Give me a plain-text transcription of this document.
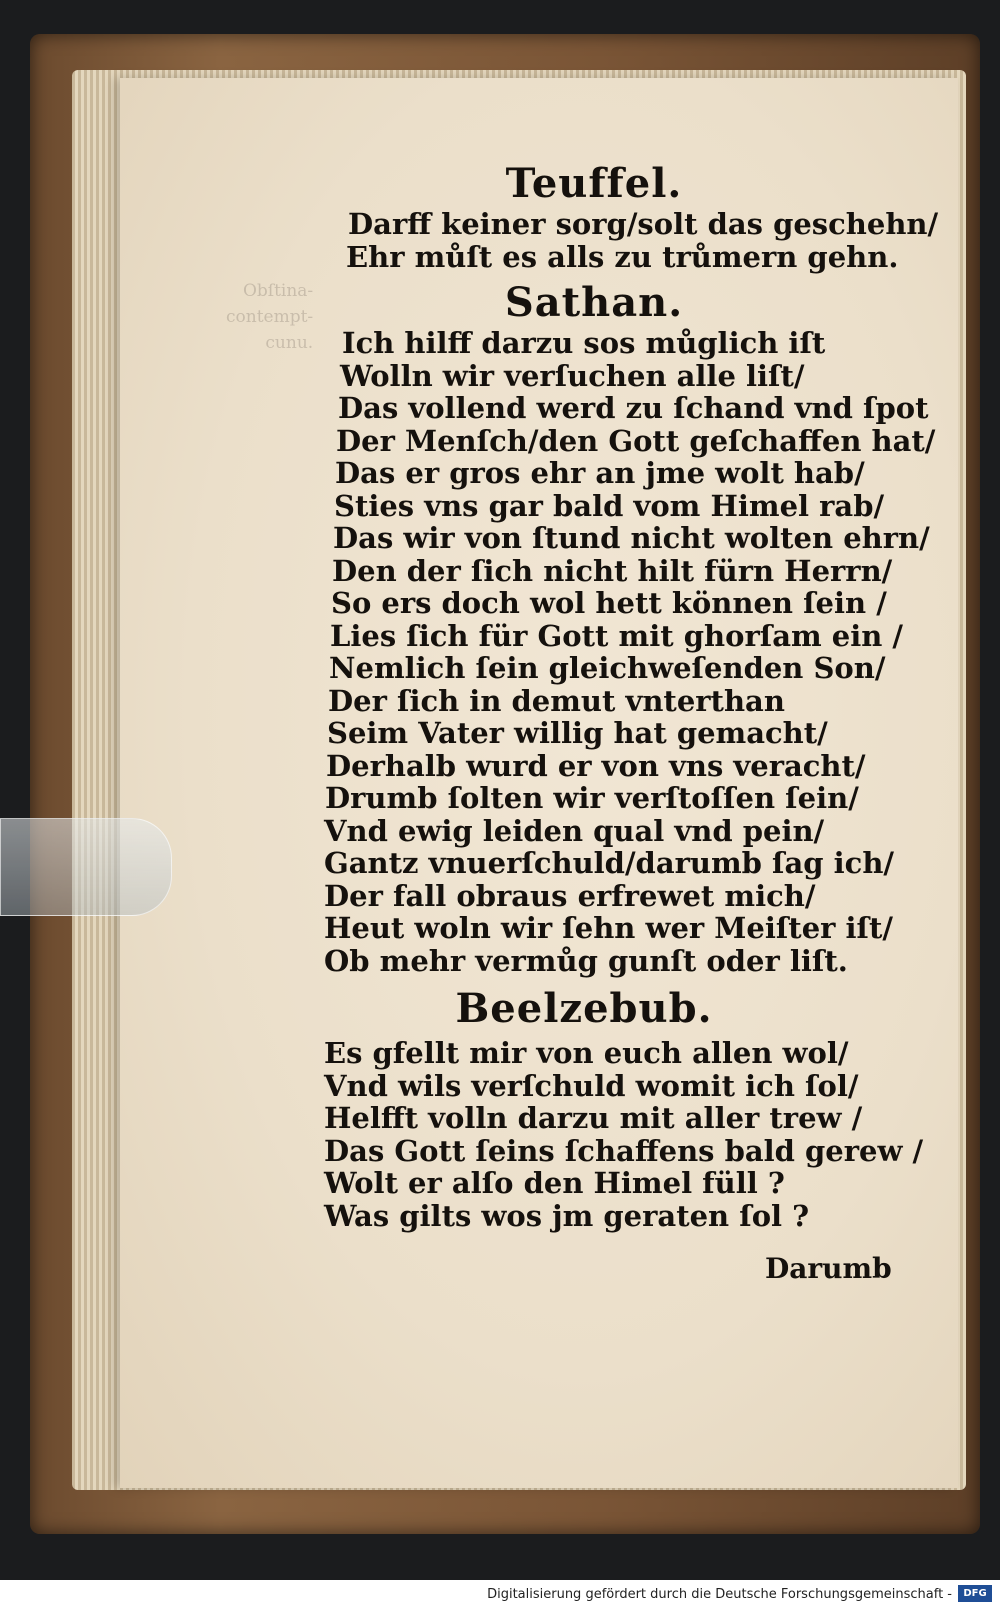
Obſtina-
contempt-
cunu.

Teuffel.

Darff keiner sorg/solt das geschehn/
Ehr můſt es alls zu trůmern gehn.

Sathan.

Ich hilff darzu sos můglich iſt
Wolln wir verſuchen alle liſt/
Das vollend werd zu ſchand vnd ſpot
Der Menſch/den Gott geſchaffen hat/
Das er gros ehr an jme wolt hab/
Sties vns gar bald vom Himel rab/
Das wir von ſtund nicht wolten ehrn/
Den der ſich nicht hilt fürn Herrn/
So ers doch wol hett können ſein /
Lies ſich für Gott mit ghorſam ein /
Nemlich ſein gleichweſenden Son/
Der ſich in demut vnterthan
Seim Vater willig hat gemacht/
Derhalb wurd er von vns veracht/
Drumb ſolten wir verſtoſſen ſein/
Vnd ewig leiden qual vnd pein/
Gantz vnuerſchuld/darumb ſag ich/
Der fall obraus erfrewet mich/
Heut woln wir ſehn wer Meiſter iſt/
Ob mehr vermůg gunſt oder liſt.

Beelzebub.

Es gfellt mir von euch allen wol/
Vnd wils verſchuld womit ich ſol/
Helfft volln darzu mit aller trew /
Das Gott ſeins ſchaffens bald gerew /
Wolt er alſo den Himel füll ?
Was gilts wos jm geraten ſol ?
Darumb
Digitalisierung gefördert durch die Deutsche Forschungsgemeinschaft -	DFG
